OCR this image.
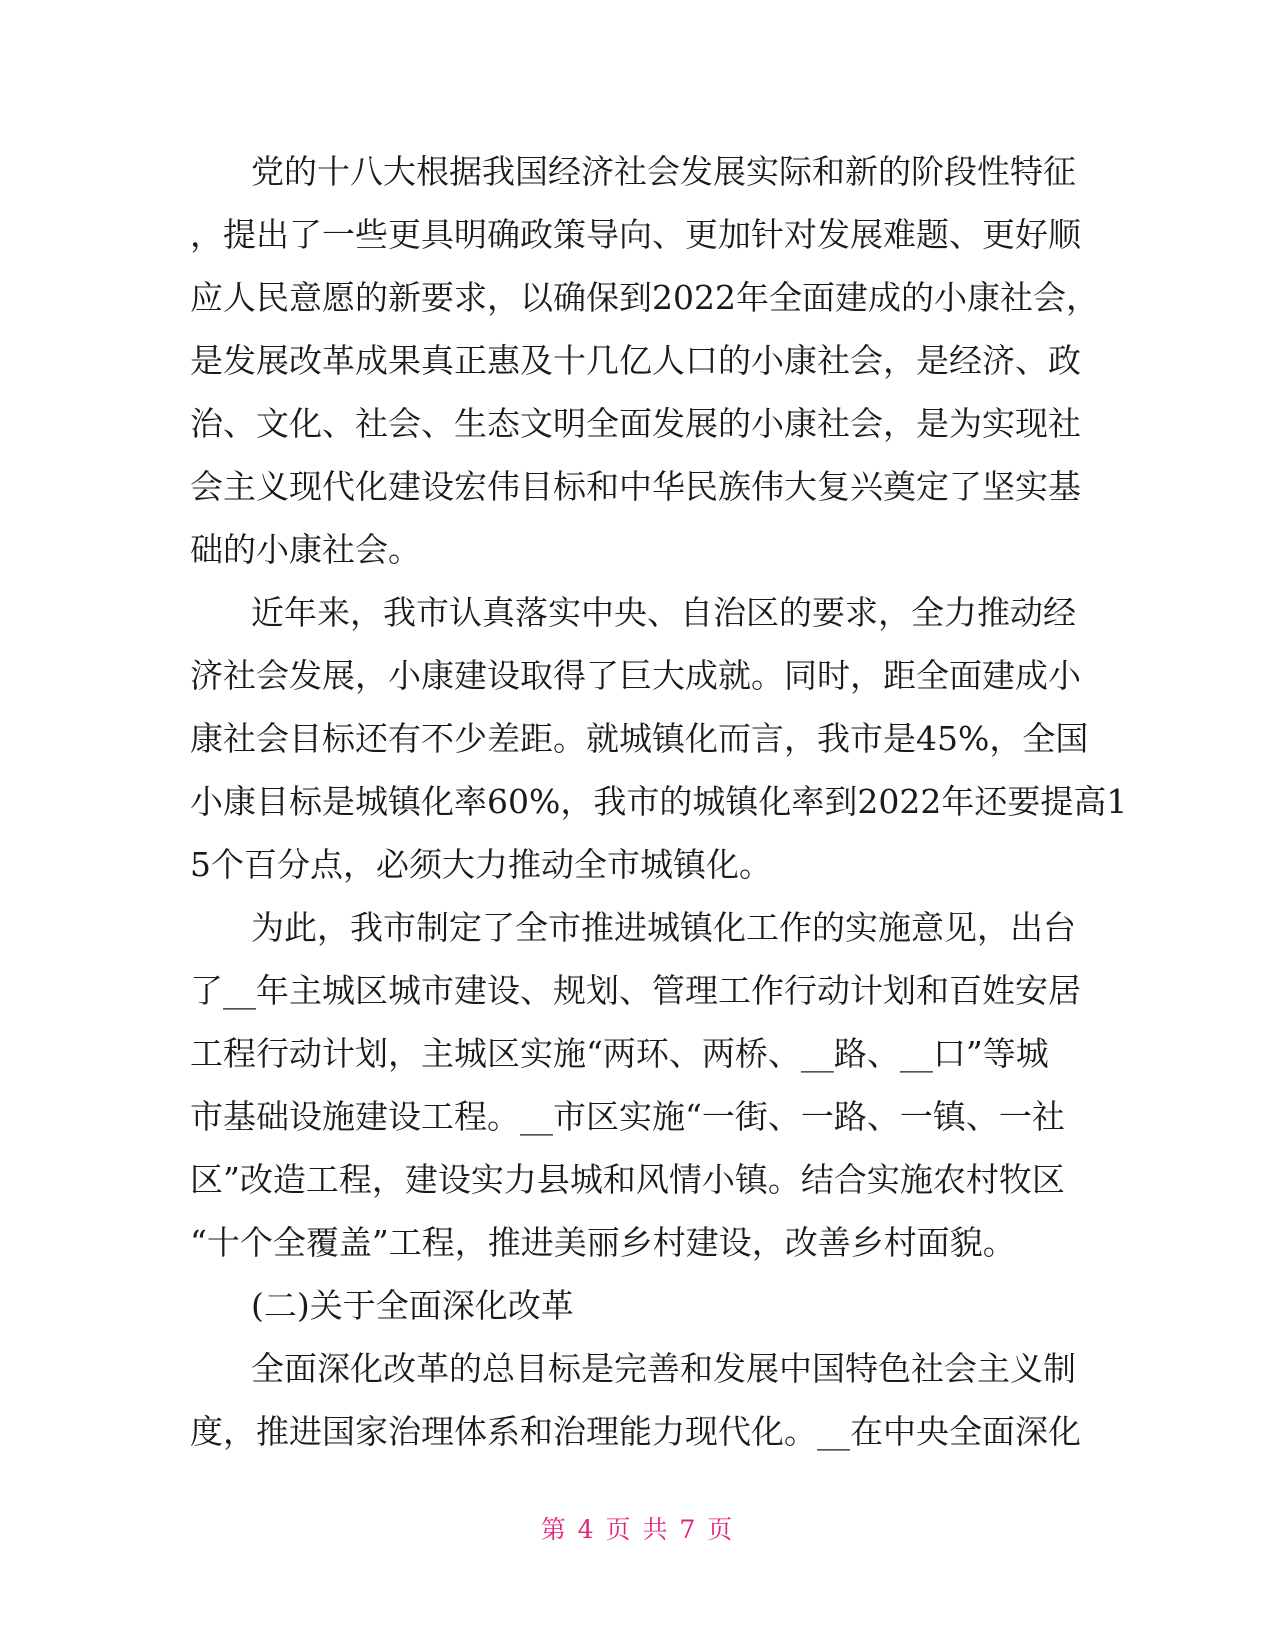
党的十八大根据我国经济社会发展实际和新的阶段性特征
，提出了一些更具明确政策导向、更加针对发展难题、更好顺
应人民意愿的新要求，以确保到2022年全面建成的小康社会，
是发展改革成果真正惠及十几亿人口的小康社会，是经济、政
治、文化、社会、生态文明全面发展的小康社会，是为实现社
会主义现代化建设宏伟目标和中华民族伟大复兴奠定了坚实基
础的小康社会。
近年来，我市认真落实中央、自治区的要求，全力推动经
济社会发展，小康建设取得了巨大成就。同时，距全面建成小
康社会目标还有不少差距。就城镇化而言，我市是45%，全国
小康目标是城镇化率60%，我市的城镇化率到2022年还要提高1
5个百分点，必须大力推动全市城镇化。
为此，我市制定了全市推进城镇化工作的实施意见，出台
了__年主城区城市建设、规划、管理工作行动计划和百姓安居
工程行动计划，主城区实施“两环、两桥、__路、__口”等城
市基础设施建设工程。__市区实施“一街、一路、一镇、一社
区”改造工程，建设实力县城和风情小镇。结合实施农村牧区
“十个全覆盖”工程，推进美丽乡村建设，改善乡村面貌。
(二)关于全面深化改革
全面深化改革的总目标是完善和发展中国特色社会主义制
度，推进国家治理体系和治理能力现代化。__在中央全面深化
第 4 页 共 7 页
